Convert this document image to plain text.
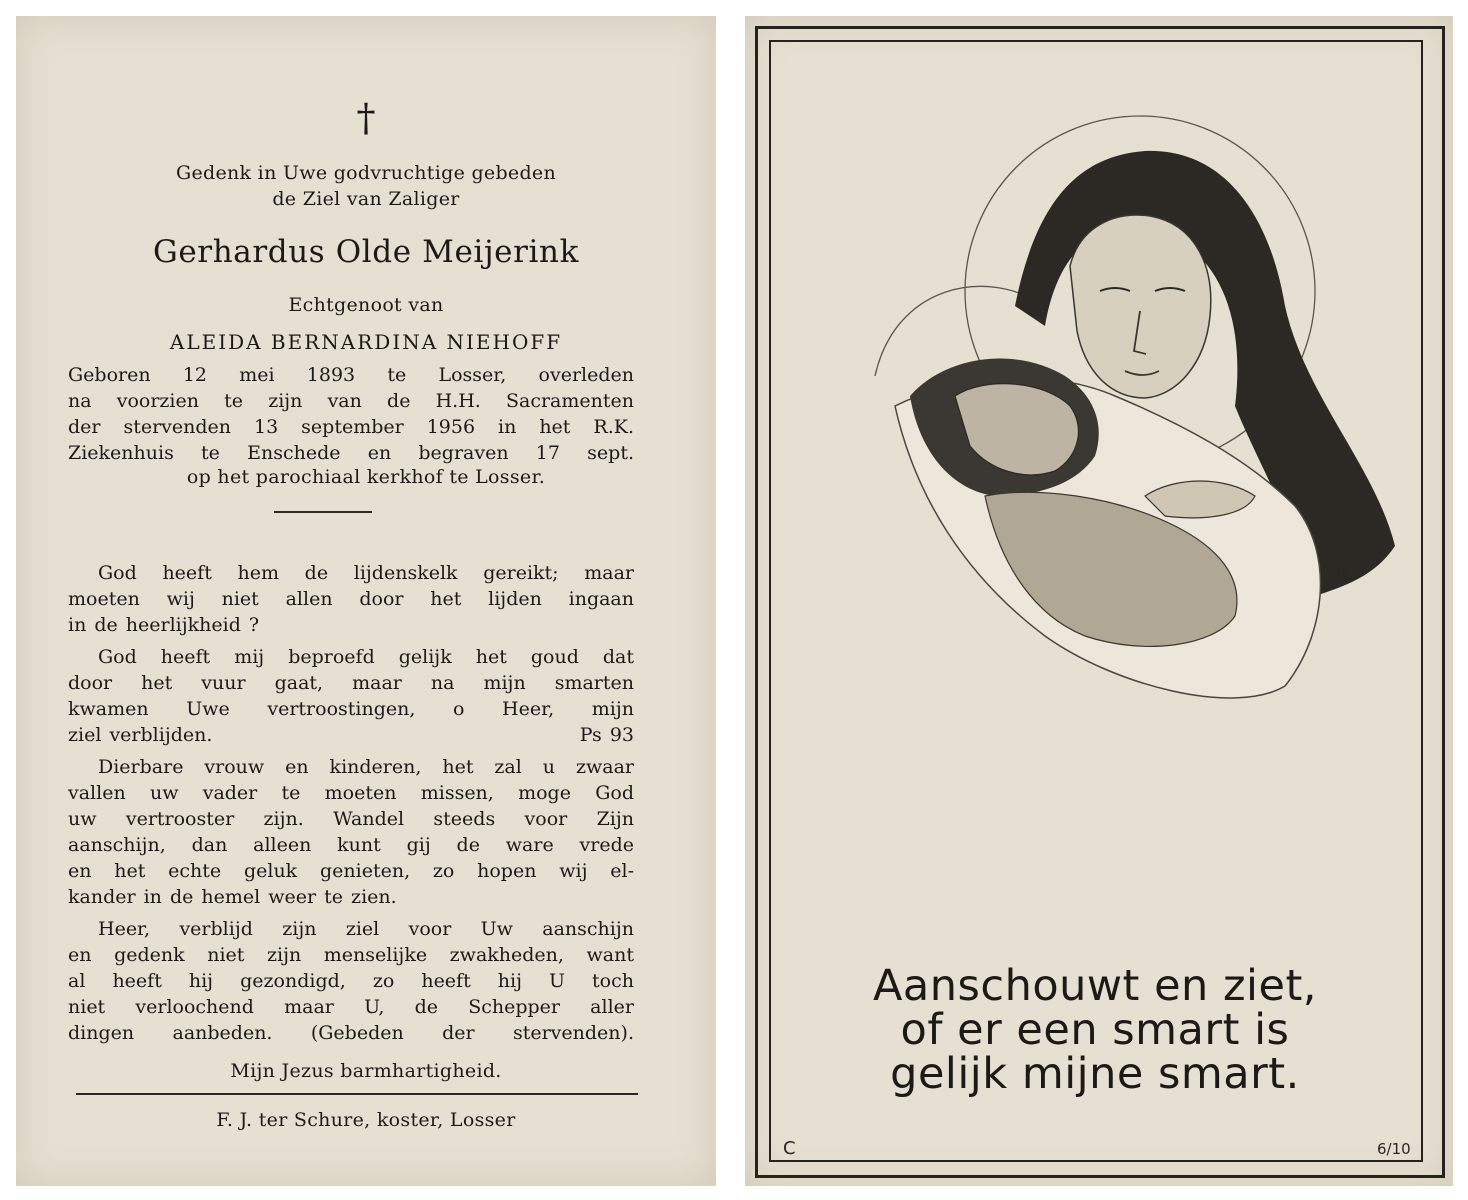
†
Gedenk in Uwe godvruchtige gebeden
de Ziel van Zaliger
Gerhardus Olde Meijerink
Echtgenoot van
ALEIDA BERNARDINA NIEHOFF
Geboren 12 mei 1893 te Losser, overleden
na voorzien te zijn van de H.H. Sacramenten
der stervenden 13 september 1956 in het R.K.
Ziekenhuis te Enschede en begraven 17 sept.
op het parochiaal kerkhof te Losser.
God heeft hem de lijdenskelk gereikt; maar
moeten wij niet allen door het lijden ingaan
in de heerlijkheid ?
God heeft mij beproefd gelijk het goud dat
door het vuur gaat, maar na mijn smarten
kwamen Uwe vertroostingen, o Heer, mijn
ziel verblijden.	Ps 93
Dierbare vrouw en kinderen, het zal u zwaar
vallen uw vader te moeten missen, moge God
uw vertrooster zijn. Wandel steeds voor Zijn
aanschijn, dan alleen kunt gij de ware vrede
en het echte geluk genieten, zo hopen wij el-
kander in de hemel weer te zien.
Heer, verblijd zijn ziel voor Uw aanschijn
en gedenk niet zijn menselijke zwakheden, want
al heeft hij gezondigd, zo heeft hij U toch
niet verloochend maar U, de Schepper aller
dingen aanbeden. (Gebeden der stervenden).
Mijn Jezus barmhartigheid.
F. J. ter Schure, koster, Losser
R.
Aanschouwt en ziet,
of er een smart is
gelijk mijne smart.
C	6/10
